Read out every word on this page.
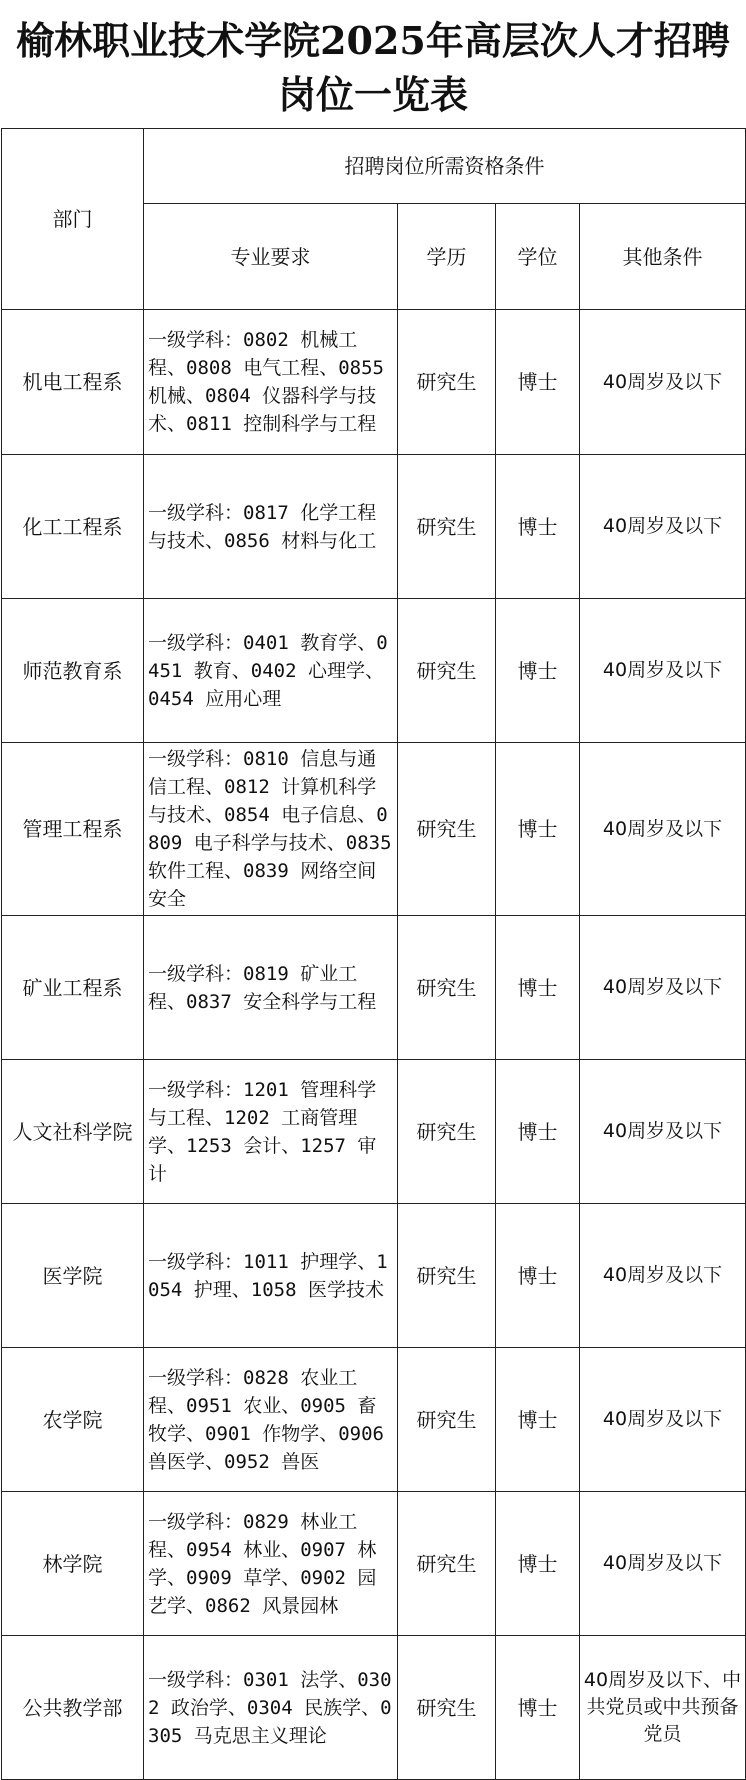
榆林职业技术学院2025年高层次人才招聘岗位一览表
部门	招聘岗位所需资格条件			
	专业要求	学历	学位	其他条件
机电工程系	一级学科：0802 机械工程、0808 电气工程、0855 机械、0804 仪器科学与技术、0811 控制科学与工程	研究生	博士	40周岁及以下
化工工程系	一级学科：0817 化学工程与技术、0856 材料与化工	研究生	博士	40周岁及以下
师范教育系	一级学科：0401 教育学、0451 教育、0402 心理学、0454 应用心理	研究生	博士	40周岁及以下
管理工程系	一级学科：0810 信息与通信工程、0812 计算机科学与技术、0854 电子信息、0809 电子科学与技术、0835 软件工程、0839 网络空间安全	研究生	博士	40周岁及以下
矿业工程系	一级学科：0819 矿业工程、0837 安全科学与工程	研究生	博士	40周岁及以下
人文社科学院	一级学科：1201 管理科学与工程、1202 工商管理学、1253 会计、1257 审计	研究生	博士	40周岁及以下
医学院	一级学科：1011 护理学、1054 护理、1058 医学技术	研究生	博士	40周岁及以下
农学院	一级学科：0828 农业工程、0951 农业、0905 畜牧学、0901 作物学、0906 兽医学、0952 兽医	研究生	博士	40周岁及以下
林学院	一级学科：0829 林业工程、0954 林业、0907 林学、0909 草学、0902 园艺学、0862 风景园林	研究生	博士	40周岁及以下
公共教学部	一级学科：0301 法学、0302 政治学、0304 民族学、0305 马克思主义理论	研究生	博士	40周岁及以下、中共党员或中共预备党员
